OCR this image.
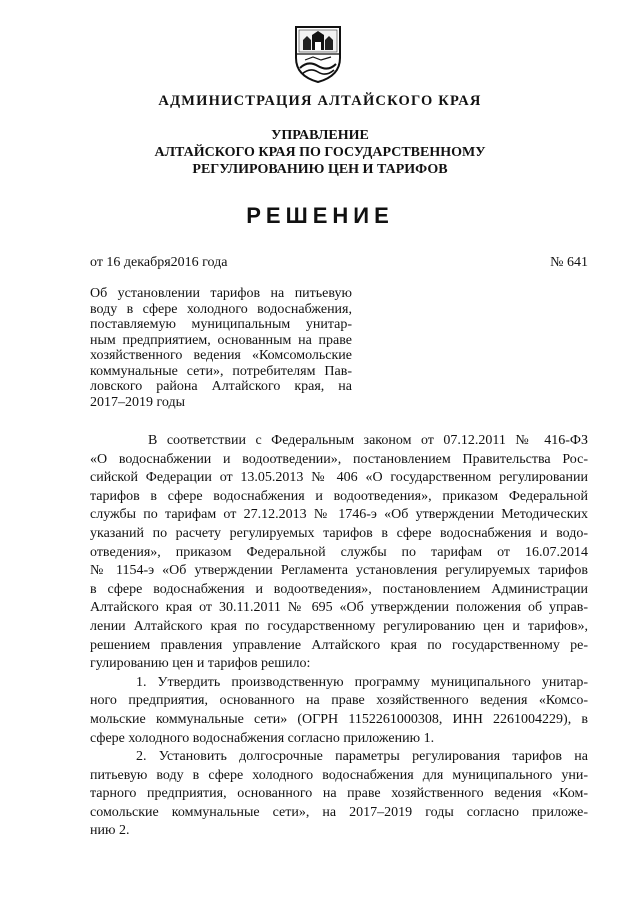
АДМИНИСТРАЦИЯ АЛТАЙСКОГО КРАЯ
УПРАВЛЕНИЕ
АЛТАЙСКОГО КРАЯ ПО ГОСУДАРСТВЕННОМУ
РЕГУЛИРОВАНИЮ ЦЕН И ТАРИФОВ
РЕШЕНИЕ
от 16 декабря2016 года	№ 641
Об установлении тарифов на питьевую
воду в сфере холодного водоснабжения,
поставляемую муниципальным унитар-
ным предприятием, основанным на праве
хозяйственного ведения «Комсомольские
коммунальные сети», потребителям Пав-
ловского района Алтайского края, на
2017–2019 годы
В соответствии с Федеральным законом от 07.12.2011 № 416-ФЗ
«О водоснабжении и водоотведении», постановлением Правительства Рос-
сийской Федерации от 13.05.2013 № 406 «О государственном регулировании
тарифов в сфере водоснабжения и водоотведения», приказом Федеральной
службы по тарифам от 27.12.2013 № 1746-э «Об утверждении Методических
указаний по расчету регулируемых тарифов в сфере водоснабжения и водо-
отведения», приказом Федеральной службы по тарифам от 16.07.2014
№ 1154-э «Об утверждении Регламента установления регулируемых тарифов
в сфере водоснабжения и водоотведения», постановлением Администрации
Алтайского края от 30.11.2011 № 695 «Об утверждении положения об управ-
лении Алтайского края по государственному регулированию цен и тарифов»,
решением правления управление Алтайского края по государственному ре-
гулированию цен и тарифов решило:
1. Утвердить производственную программу муниципального унитар-
ного предприятия, основанного на праве хозяйственного ведения «Комсо-
мольские коммунальные сети» (ОГРН 1152261000308, ИНН 2261004229), в
сфере холодного водоснабжения согласно приложению 1.
2. Установить долгосрочные параметры регулирования тарифов на
питьевую воду в сфере холодного водоснабжения для муниципального уни-
тарного предприятия, основанного на праве хозяйственного ведения «Ком-
сомольские коммунальные сети», на 2017–2019 годы согласно приложе-
нию 2.
